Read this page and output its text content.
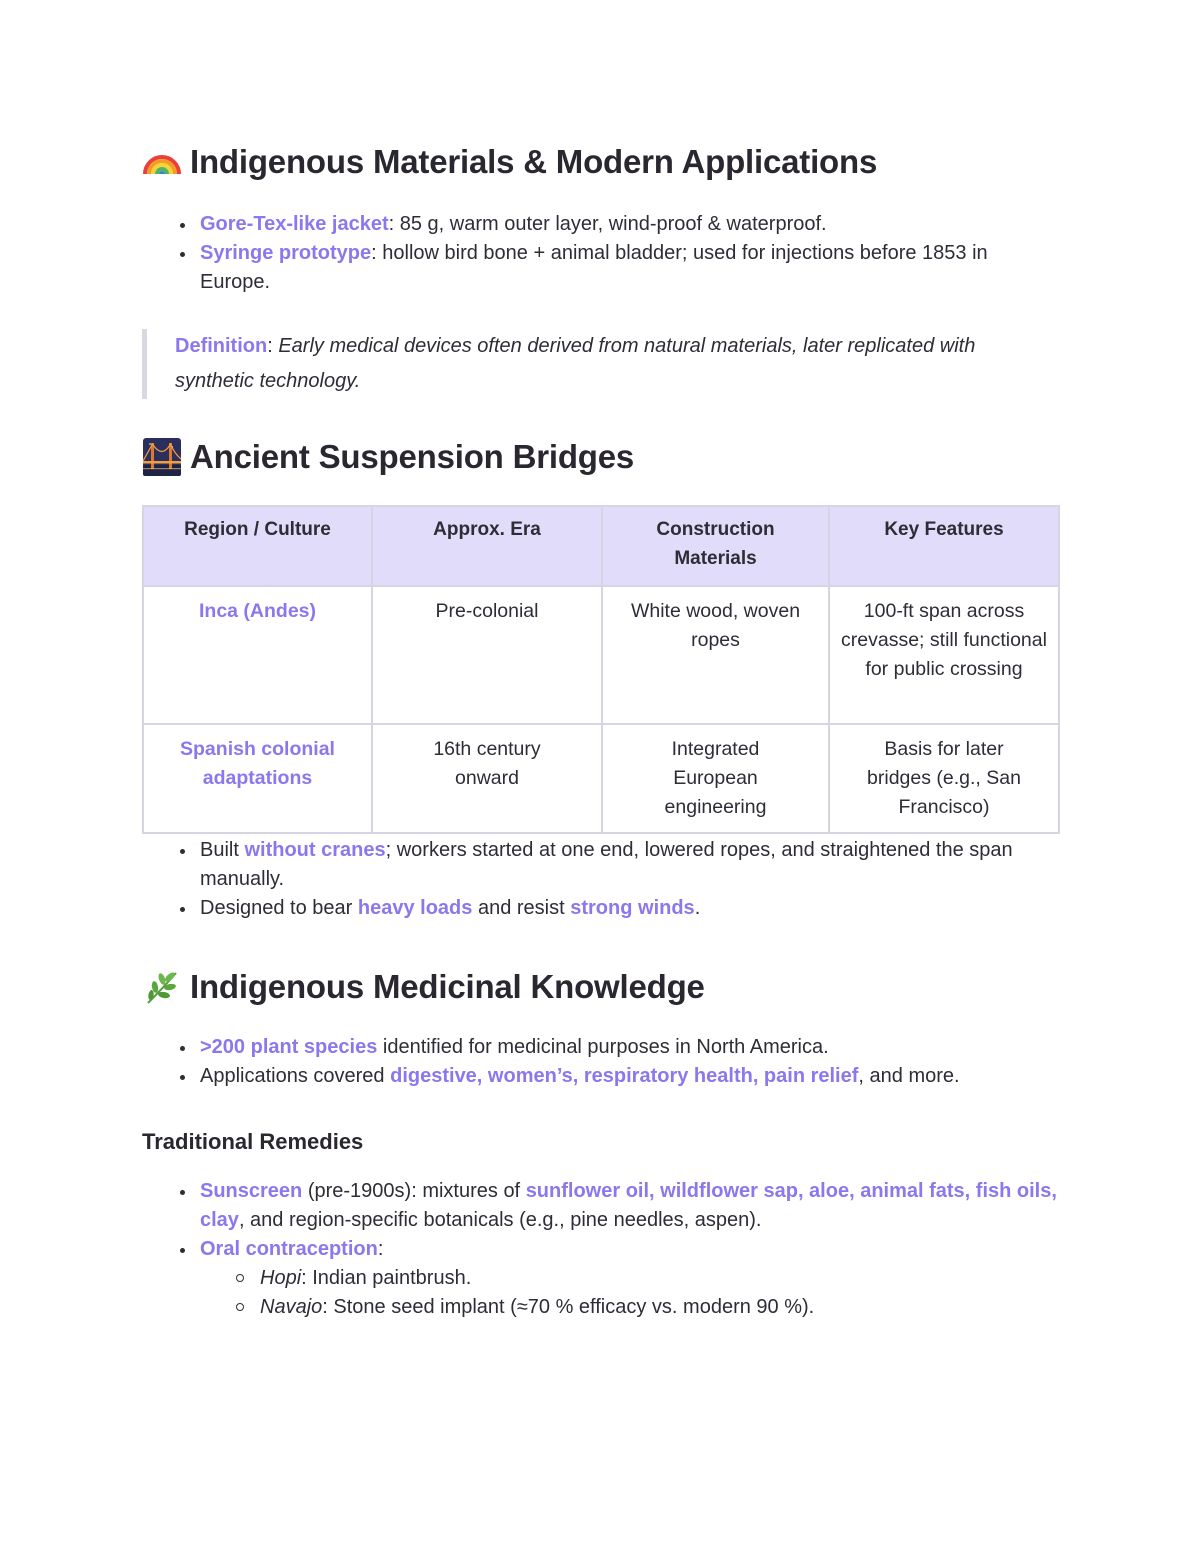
Indigenous Materials & Modern Applications
Gore-Tex-like jacket: 85 g, warm outer layer, wind-proof & waterproof.
Syringe prototype: hollow bird bone + animal bladder; used for injections before 1853 in Europe.
Definition: Early medical devices often derived from natural materials, later replicated with synthetic technology.
Ancient Suspension Bridges
Region / Culture	Approx. Era	Construction Materials	Key Features
Inca (Andes)	Pre-colonial	White wood, woven ropes	100-ft span across crevasse; still functional for public crossing
Spanish colonial adaptations	16th century onward	Integrated European engineering	Basis for later bridges (e.g., San Francisco)
Built without cranes; workers started at one end, lowered ropes, and straightened the span manually.
Designed to bear heavy loads and resist strong winds.
Indigenous Medicinal Knowledge
>200 plant species identified for medicinal purposes in North America.
Applications covered digestive, women’s, respiratory health, pain relief, and more.
Traditional Remedies
Sunscreen (pre-1900s): mixtures of sunflower oil, wildflower sap, aloe, animal fats, fish oils, clay, and region-specific botanicals (e.g., pine needles, aspen).
Oral contraception:
Hopi: Indian paintbrush.
Navajo: Stone seed implant (≈70 % efficacy vs. modern 90 %).
